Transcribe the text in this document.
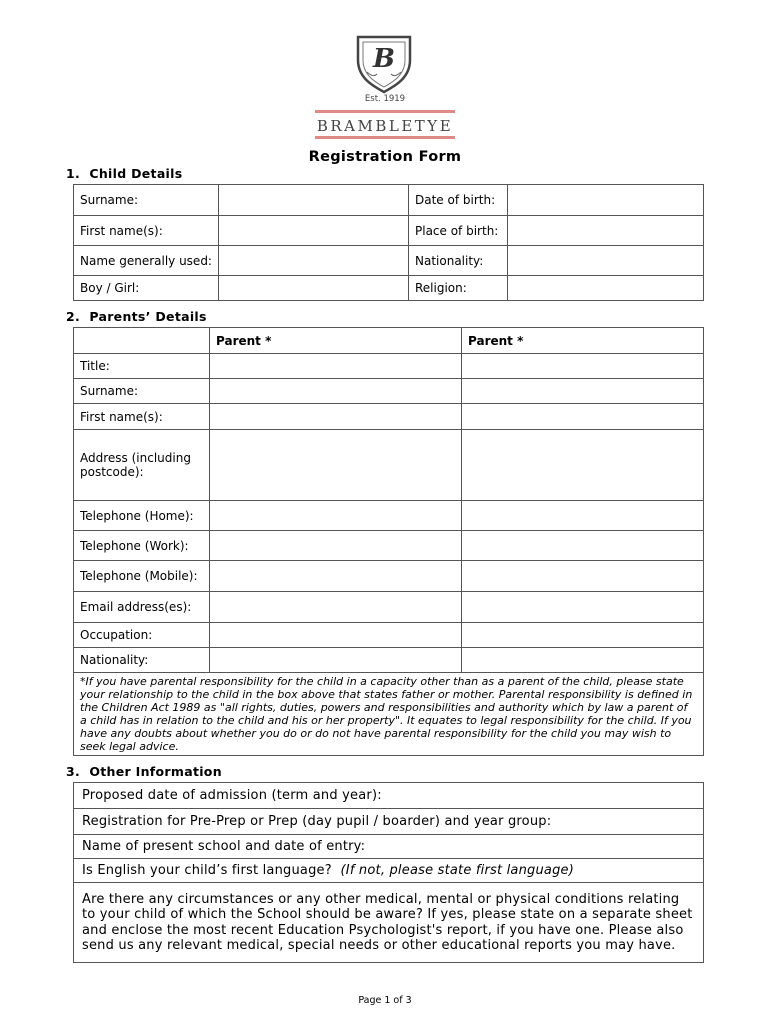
B
Est. 1919
BRAMBLETYE
Registration Form
1.  Child Details
Surname:		Date of birth:	
First name(s):		Place of birth:	
Name generally used:		Nationality:	
Boy / Girl:		Religion:	
2.  Parents’ Details
	Parent *	Parent *
Title:		
Surname:		
First name(s):		
Address (including postcode):		
Telephone (Home):		
Telephone (Work):		
Telephone (Mobile):		
Email address(es):		
Occupation:		
Nationality:		
*If you have parental responsibility for the child in a capacity other than as a parent of the child, please state your relationship to the child in the box above that states father or mother. Parental responsibility is defined in the Children Act 1989 as "all rights, duties, powers and responsibilities and authority which by law a parent of a child has in relation to the child and his or her property". It equates to legal responsibility for the child. If you have any doubts about whether you do or do not have parental responsibility for the child you may wish to seek legal advice.		
3.  Other Information
Proposed date of admission (term and year):
Registration for Pre-Prep or Prep (day pupil / boarder) and year group:
Name of present school and date of entry:
Is English your child’s first language? (If not, please state first language)
Are there any circumstances or any other medical, mental or physical conditions relating to your child of which the School should be aware? If yes, please state on a separate sheet and enclose the most recent Education Psychologist's report, if you have one. Please also send us any relevant medical, special needs or other educational reports you may have.
Page 1 of 3
